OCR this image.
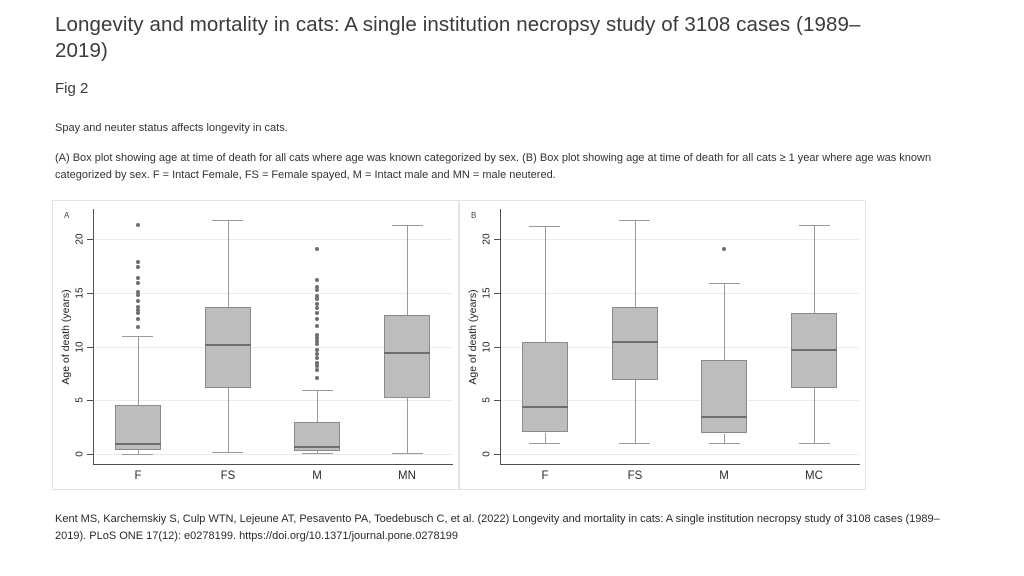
Longevity and mortality in cats: A single institution necropsy study of 3108 cases (1989–2019)
Fig 2
Spay and neuter status affects longevity in cats.
(A) Box plot showing age at time of death for all cats where age was known categorized by sex. (B) Box plot showing age at time of death for all cats ≥ 1 year where age was known categorized by sex. F = Intact Female, FS = Female spayed, M = Intact male and MN = male neutered.
0
5
10
15
20
F	FS	M	MN
Age of death (years)
A
0
5
10
15
20
F	FS	M	MC
Age of death (years)
B
Kent MS, Karchemskiy S, Culp WTN, Lejeune AT, Pesavento PA, Toedebusch C, et al. (2022) Longevity and mortality in cats: A single institution necropsy study of 3108 cases (1989–2019). PLoS ONE 17(12): e0278199. https://doi.org/10.1371/journal.pone.0278199
